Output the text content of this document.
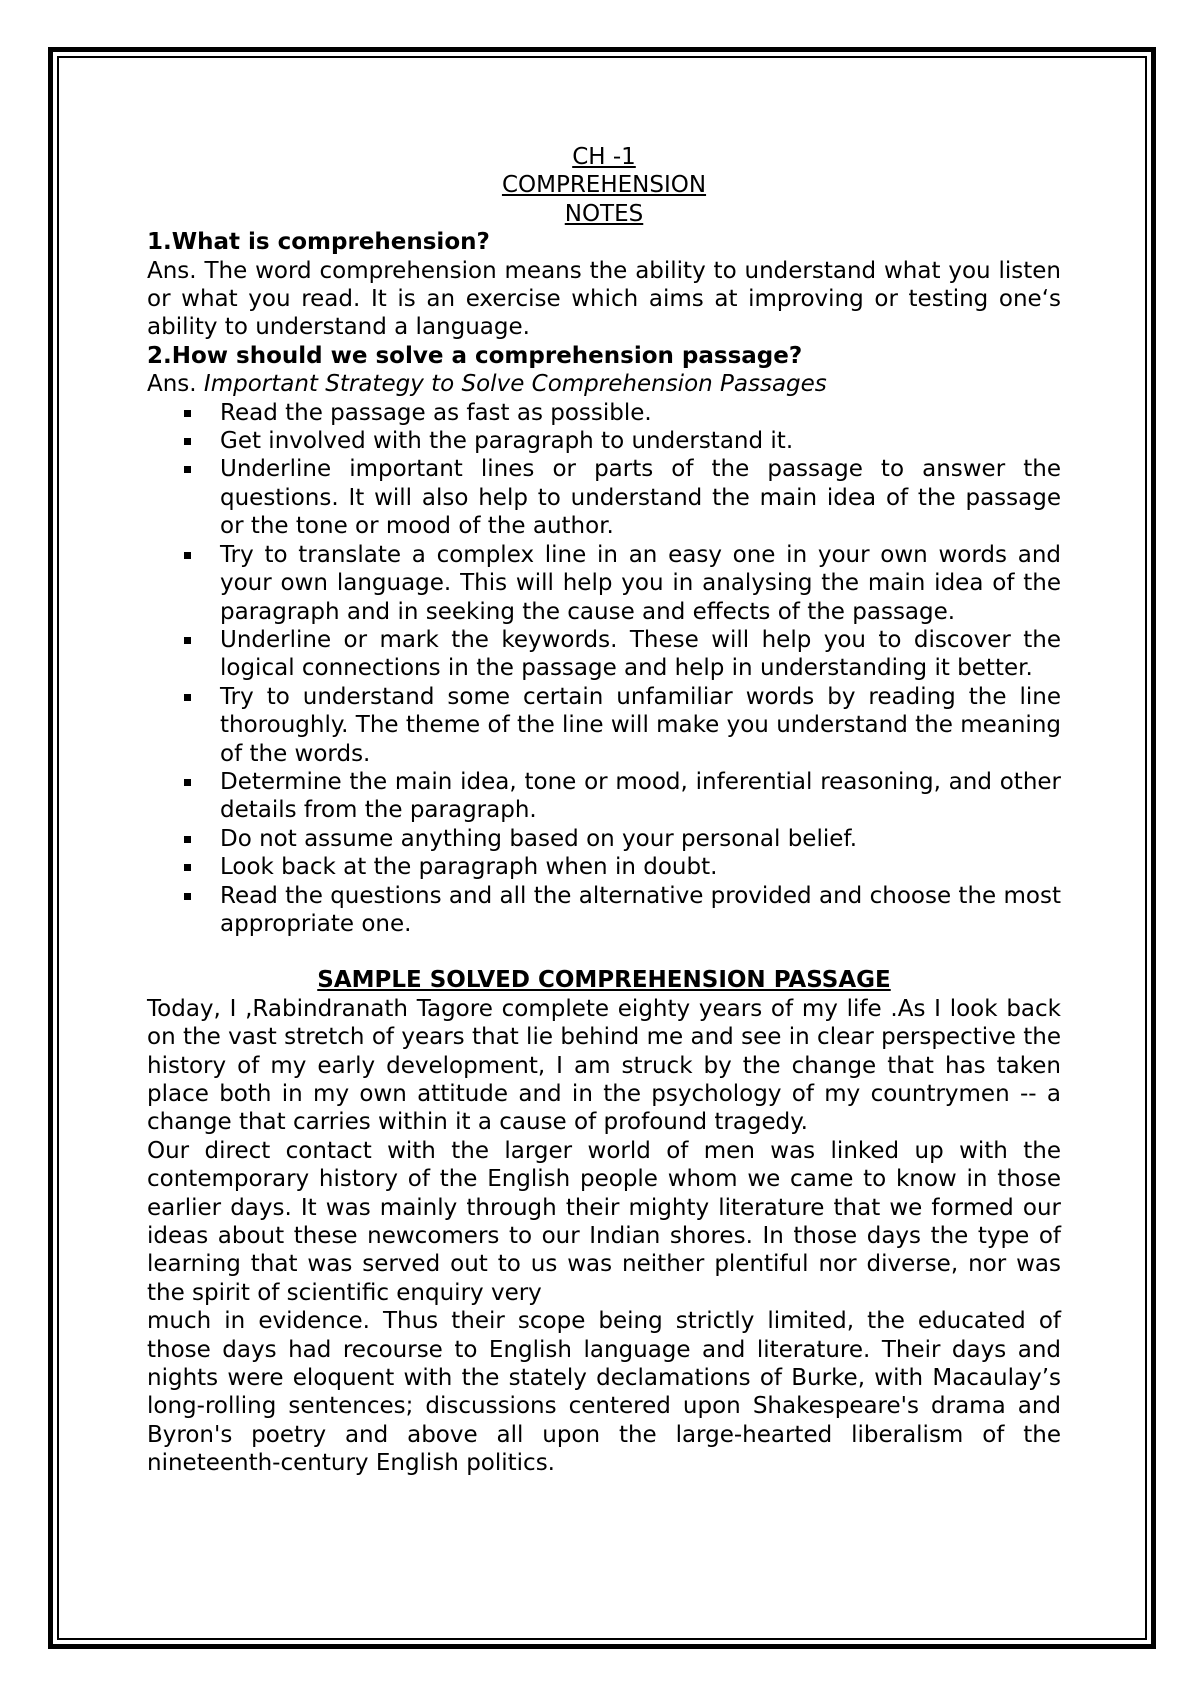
CH -1

COMPREHENSION

NOTES

1.What is comprehension?

Ans. The word comprehension means the ability to understand what you listen or what you read. It is an exercise which aims at improving or testing one‘s ability to understand a language.

2.How should we solve a comprehension passage?

Ans. Important Strategy to Solve Comprehension Passages

Read the passage as fast as possible.
Get involved with the paragraph to understand it.
Underline important lines or parts of the passage to answer the questions. It will also help to understand the main idea of the passage or the tone or mood of the author.
Try to translate a complex line in an easy one in your own words and your own language. This will help you in analysing the main idea of the paragraph and in seeking the cause and effects of the passage.
Underline or mark the keywords. These will help you to discover the logical connections in the passage and help in understanding it better.
Try to understand some certain unfamiliar words by reading the line thoroughly. The theme of the line will make you understand the meaning of the words.
Determine the main idea, tone or mood, inferential reasoning, and other details from the paragraph.
Do not assume anything based on your personal belief.
Look back at the paragraph when in doubt.
Read the questions and all the alternative provided and choose the most appropriate one.

SAMPLE SOLVED COMPREHENSION PASSAGE

Today, I ,Rabindranath Tagore complete eighty years of my life .As I look back on the vast stretch of years that lie behind me and see in clear perspective the history of my early development, I am struck by the change that has taken place both in my own attitude and in the psychology of my countrymen -- a change that carries within it a cause of profound tragedy.

Our direct contact with the larger world of men was linked up with the contemporary history of the English people whom we came to know in those earlier days. It was mainly through their mighty literature that we formed our ideas about these newcomers to our Indian shores. In those days the type of learning that was served out to us was neither plentiful nor diverse, nor was the spirit of scientific enquiry very

much in evidence. Thus their scope being strictly limited, the educated of those days had recourse to English language and literature. Their days and nights were eloquent with the stately declamations of Burke, with Macaulay’s long-rolling sentences; discussions centered upon Shakespeare's drama and Byron's poetry and above all upon the large-hearted liberalism of the nineteenth-century English politics.
